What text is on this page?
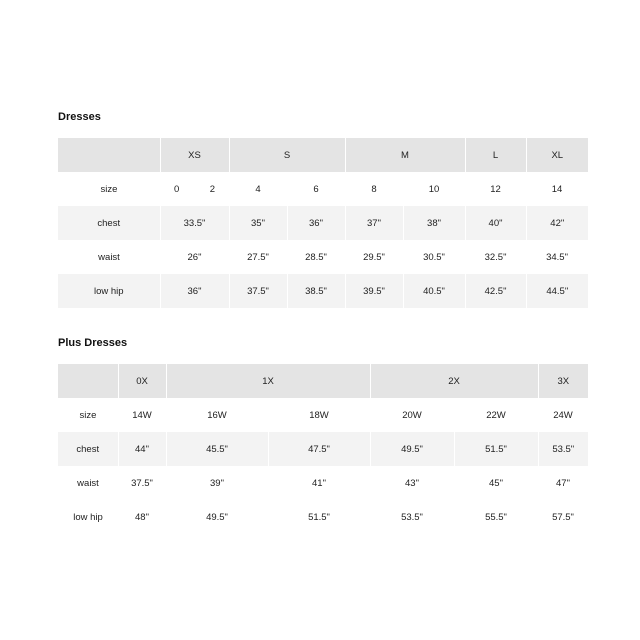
Dresses
	XS	S		M		L	XL
size	0 2	4	6	8	10	12	14
chest	33.5"	35"	36"	37"	38"	40"	42"
waist	26"	27.5"	28.5"	29.5"	30.5"	32.5"	34.5"
low hip	36"	37.5"	38.5"	39.5"	40.5"	42.5"	44.5"
Plus Dresses
	0X	1X		2X		3X
size	14W	16W	18W	20W	22W	24W
chest	44"	45.5"	47.5"	49.5"	51.5"	53.5"
waist	37.5"	39"	41"	43"	45"	47"
low hip	48"	49.5"	51.5"	53.5"	55.5"	57.5"
